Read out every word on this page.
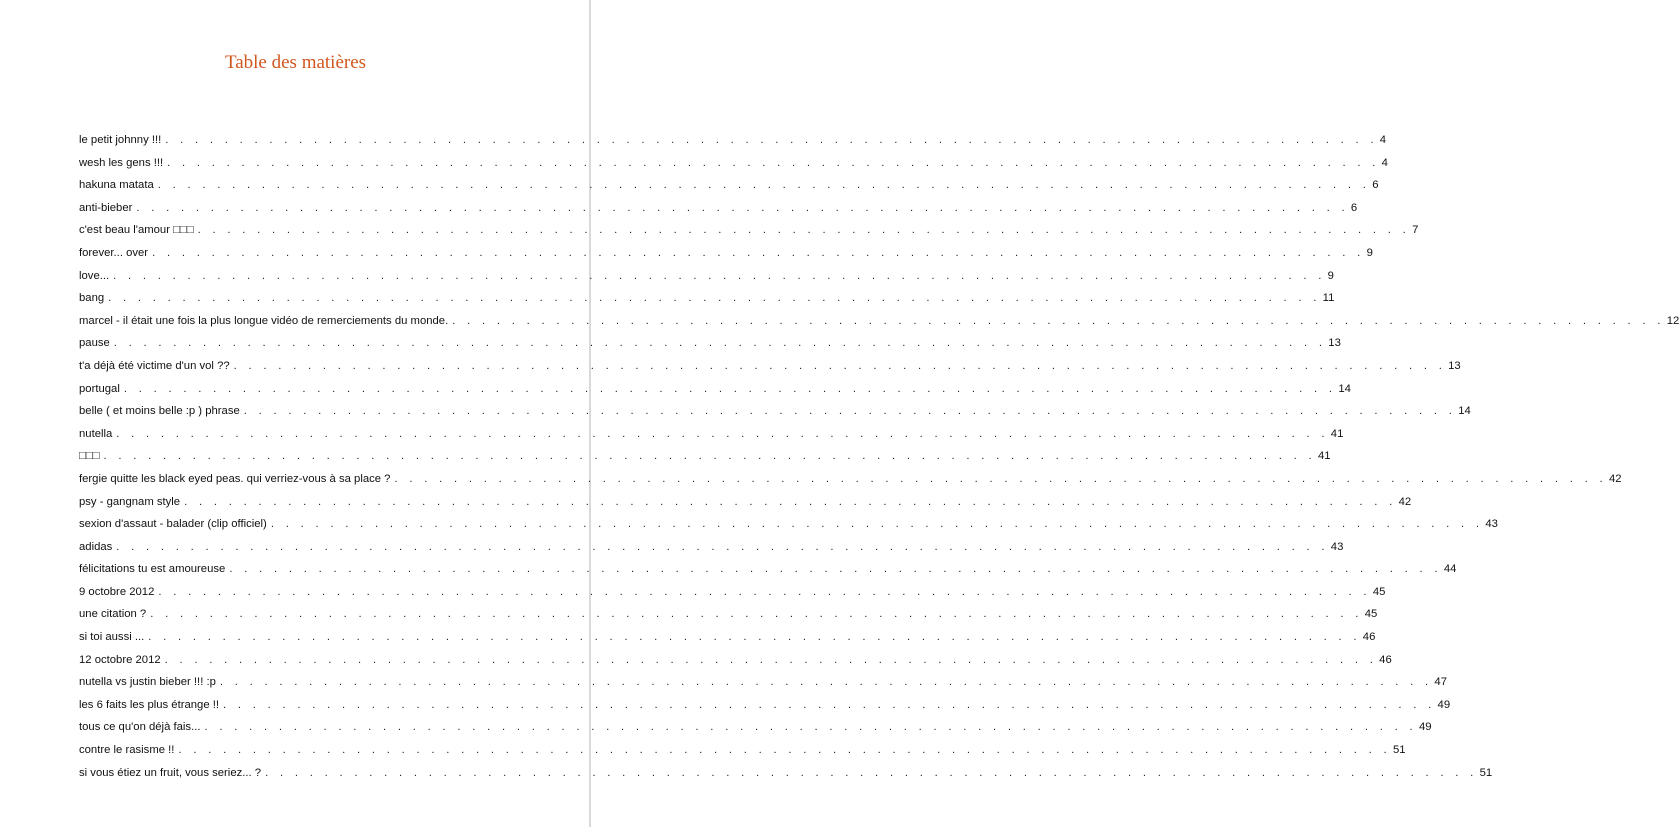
Table des matières
le petit johnny !!! . . .	4
wesh les gens !!! . . .	4
hakuna matata . . .	6
anti-bieber . . .	6
c'est beau l'amour □□□ . . .	7
forever... over . . .	9
love... . . .	9
bang . . .	11
marcel - il était une fois la plus longue vidéo de remerciements du monde. . . .	12
pause . . .	13
t'a déjà été victime d'un vol ?? . . .	13
portugal . . .	14
belle ( et moins belle :p ) phrase . . .	14
nutella . . .	41
□□□ . . .	41
fergie quitte les black eyed peas. qui verriez-vous à sa place ? . . .	42
psy - gangnam style . . .	42
sexion d'assaut - balader (clip officiel) . . .	43
adidas . . .	43
félicitations tu est amoureuse . . .	44
9 octobre 2012 . . .	45
une citation ? . . .	45
si toi aussi ... . . .	46
12 octobre 2012 . . .	46
nutella vs justin bieber !!! :p . . .	47
les 6 faits les plus étrange !! . . .	49
tous ce qu'on déjà fais... . . .	49
contre le rasisme !! . . .	51
si vous étiez un fruit, vous seriez... ? . . .	51
